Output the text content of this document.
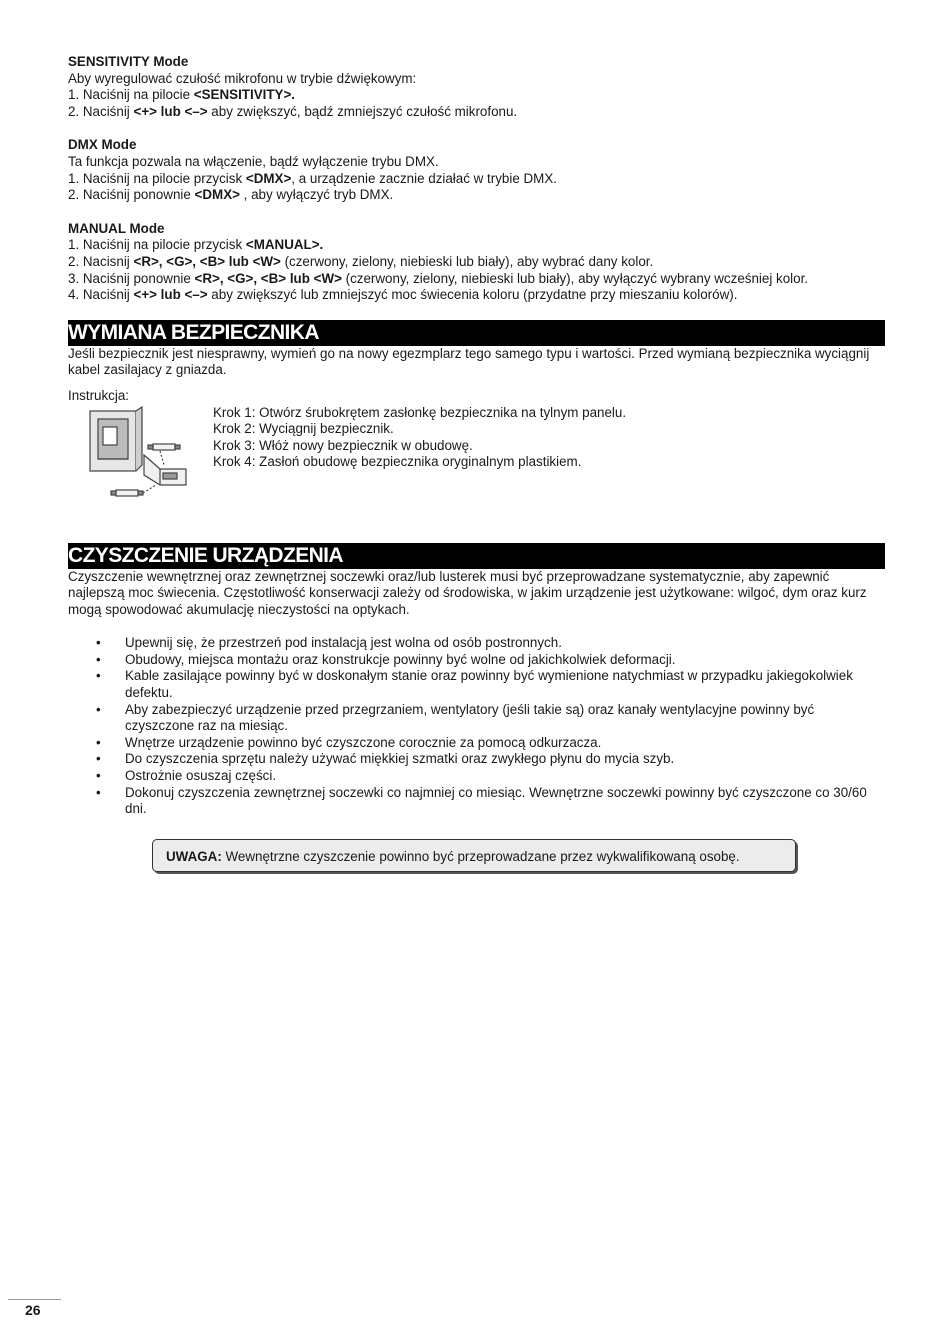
SENSITIVITY Mode
Aby wyregulować czułość mikrofonu w trybie dźwiękowym:
1. Naciśnij na pilocie <SENSITIVITY>.
2. Naciśnij <+> lub <–> aby zwiększyć, bądź zmniejszyć czułość mikrofonu.
DMX Mode
Ta funkcja pozwala na włączenie, bądź wyłączenie trybu DMX.
1. Naciśnij na pilocie przycisk <DMX>, a urządzenie zacznie działać w trybie DMX.
2. Naciśnij ponownie <DMX> , aby wyłączyć tryb DMX.
MANUAL Mode
1. Naciśnij na pilocie przycisk <MANUAL>.
2. Nacisnij <R>, <G>, <B> lub <W> (czerwony, zielony, niebieski lub biały), aby wybrać dany kolor.
3. Naciśnij ponownie <R>, <G>, <B> lub <W> (czerwony, zielony, niebieski lub biały), aby wyłączyć wybrany wcześniej kolor.
4. Naciśnij <+> lub <–> aby zwiększyć lub zmniejszyć moc świecenia koloru (przydatne przy mieszaniu kolorów).
WYMIANA BEZPIECZNIKA

Jeśli bezpiecznik jest niesprawny, wymień go na nowy egezmplarz tego samego typu i wartości. Przed wymianą bezpiecznika wyciągnij kabel zasilajacy z gniazda.

Instrukcja:
Krok 1: Otwórz śrubokrętem zasłonkę bezpiecznika na tylnym panelu.
Krok 2: Wyciągnij bezpiecznik.
Krok 3: Włóż nowy bezpiecznik w obudowę.
Krok 4: Zasłoń obudowę bezpiecznika oryginalnym plastikiem.
CZYSZCZENIE URZĄDZENIA

Czyszczenie wewnętrznej oraz zewnętrznej soczewki oraz/lub lusterek musi być przeprowadzane systematycznie, aby zapewnić najlepszą moc świecenia. Częstotliwość konserwacji zależy od środowiska, w jakim urządzenie jest użytkowane: wilgoć, dym oraz kurz mogą spowodować akumulację nieczystości na optykach.

• Upewnij się, że przestrzeń pod instalacją jest wolna od osób postronnych.
• Obudowy, miejsca montażu oraz konstrukcje powinny być wolne od jakichkolwiek deformacji.
• Kable zasilające powinny być w doskonałym stanie oraz powinny być wymienione natychmiast w przypadku jakiegokolwiek defektu.
• Aby zabezpieczyć urządzenie przed przegrzaniem, wentylatory (jeśli takie są) oraz kanały wentylacyjne powinny być czyszczone raz na miesiąc.
• Wnętrze urządzenie powinno być czyszczone corocznie za pomocą odkurzacza.
• Do czyszczenia sprzętu należy używać miękkiej szmatki oraz zwykłego płynu do mycia szyb.
• Ostrożnie osuszaj części.
• Dokonuj czyszczenia zewnętrznej soczewki co najmniej co miesiąc. Wewnętrzne soczewki powinny być czyszczone co 30/60 dni.
UWAGA: Wewnętrzne czyszczenie powinno być przeprowadzane przez wykwalifikowaną osobę.
26
